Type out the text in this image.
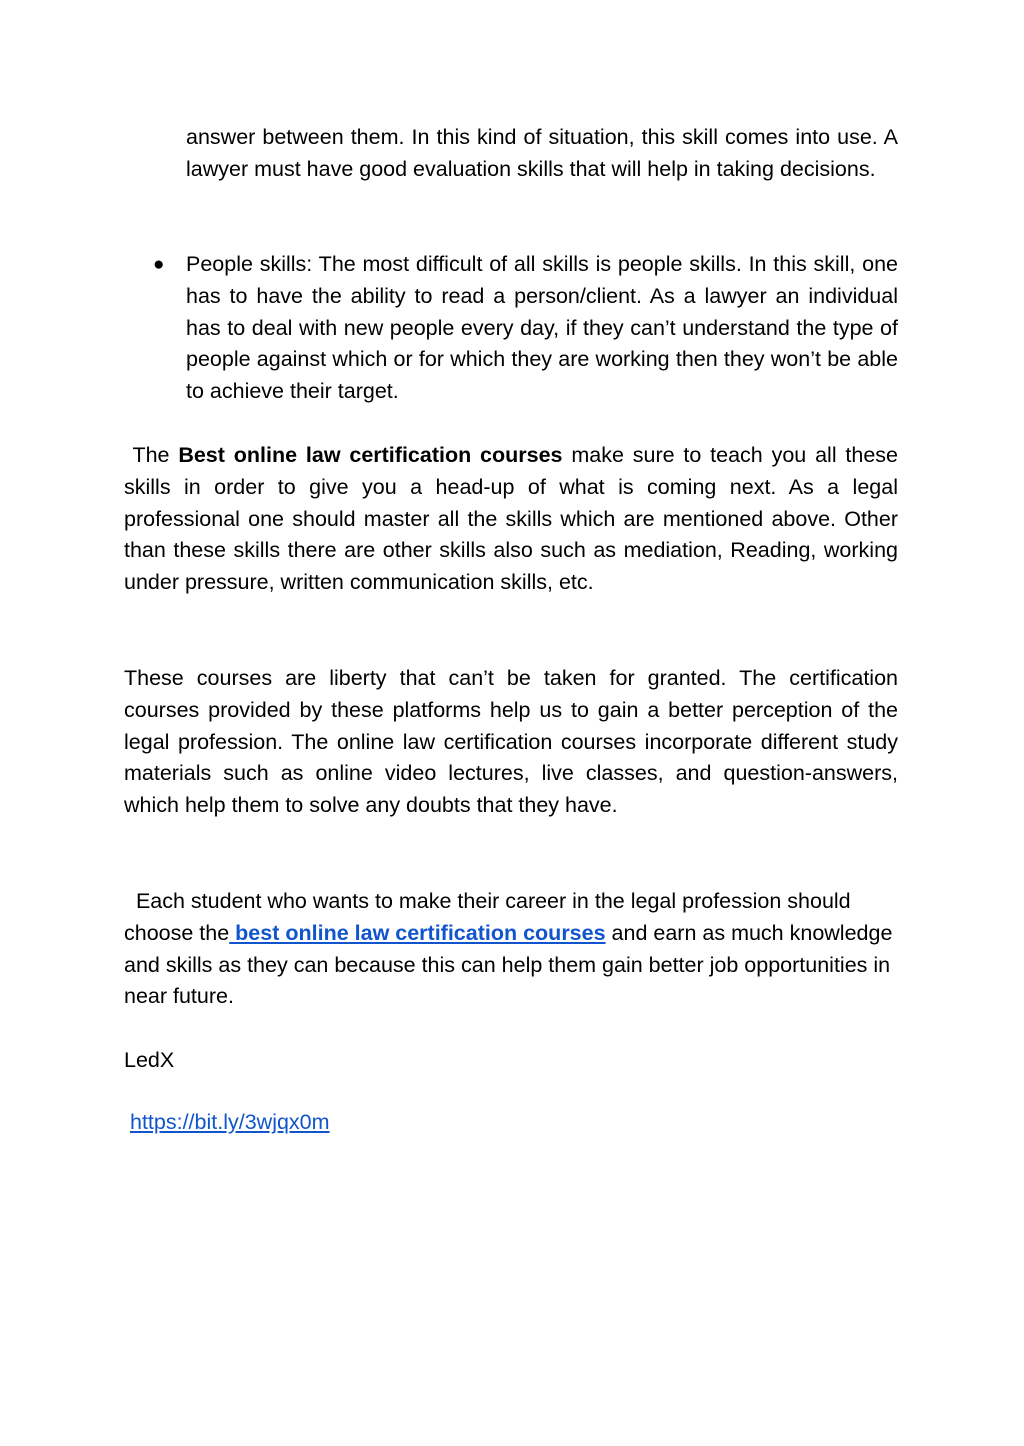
answer between them. In this kind of situation, this skill comes into use. A lawyer must have good evaluation skills that will help in taking decisions.

● People skills: The most difficult of all skills is people skills. In this skill, one has to have the ability to read a person/client. As a lawyer an individual has to deal with new people every day, if they can’t understand the type of people against which or for which they are working then they won’t be able to achieve their target.

The Best online law certification courses make sure to teach you all these skills in order to give you a head-up of what is coming next. As a legal professional one should master all the skills which are mentioned above. Other than these skills there are other skills also such as mediation, Reading, working under pressure, written communication skills, etc.

These courses are liberty that can’t be taken for granted. The certification courses provided by these platforms help us to gain a better perception of the legal profession. The online law certification courses incorporate different study materials such as online video lectures, live classes, and question-answers, which help them to solve any doubts that they have.

Each student who wants to make their career in the legal profession should choose the best online law certification courses and earn as much knowledge and skills as they can because this can help them gain better job opportunities in near future.

LedX

https://bit.ly/3wjqx0m
